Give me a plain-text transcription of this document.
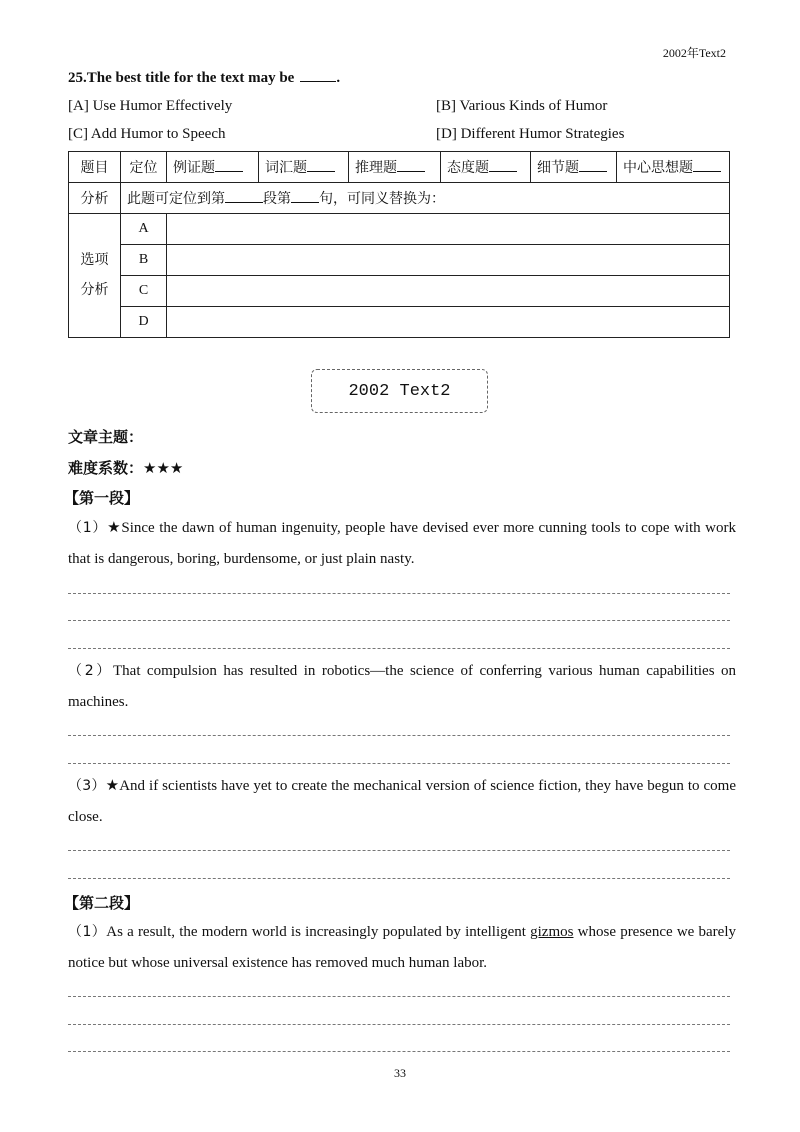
2002年Text2
25.The best title for the text may be	.
[A] Use Humor Effectively	[B] Various Kinds of Humor
[C] Add Humor to Speech	[D] Different Humor Strategies
题目	定位	例证题	词汇题	推理题	态度题	细节题	中心思想题
分析	此题可定位到第 段第 句，可同义替换为：						

选项
分析	A						
	B						
	C						
	D						
2002 Text2
文章主题：
难度系数：★★★
【第一段】
（1）★Since the dawn of human ingenuity, people have devised ever more cunning tools to cope with work that is dangerous, boring, burdensome, or just plain nasty.
（2）That compulsion has resulted in robotics—the science of conferring various human capabilities on machines.
（3）★And if scientists have yet to create the mechanical version of science fiction, they have begun to come close.
【第二段】
（1）As a result, the modern world is increasingly populated by intelligent gizmos whose presence we barely notice but whose universal existence has removed much human labor.
33
